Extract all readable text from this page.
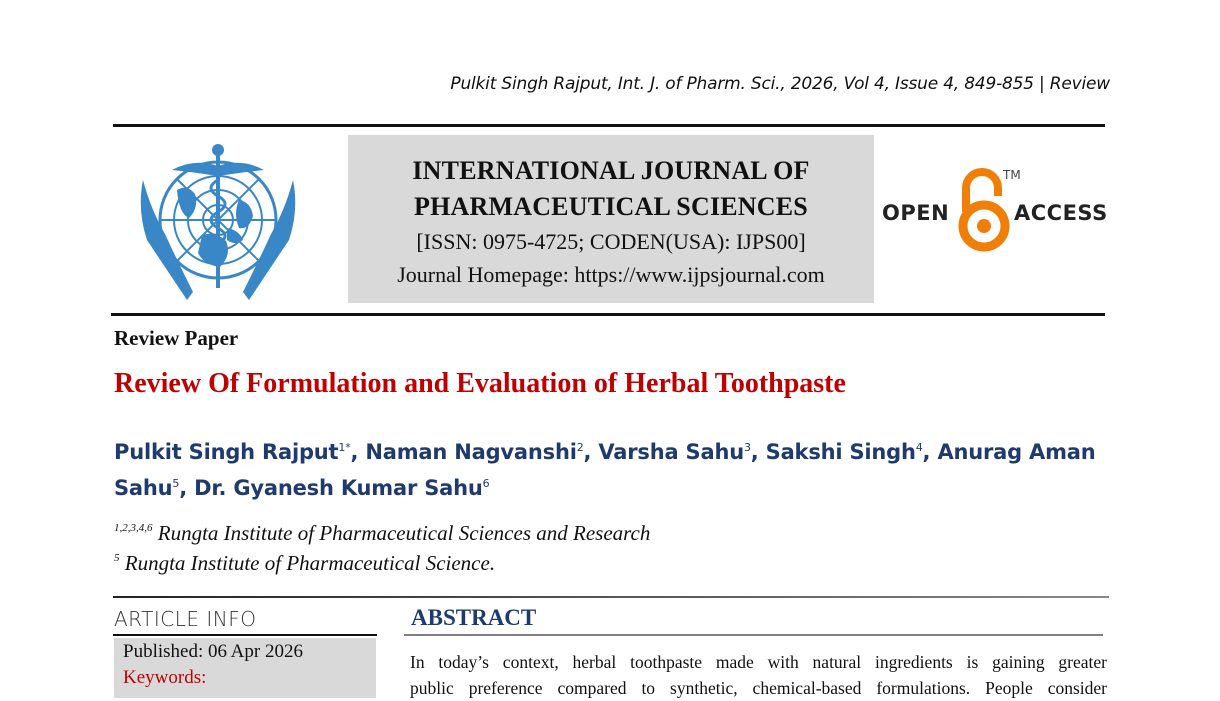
Pulkit Singh Rajput, Int. J. of Pharm. Sci., 2026, Vol 4, Issue 4, 849-855 | Review
INTERNATIONAL JOURNAL OF
PHARMACEUTICAL SCIENCES
[ISSN: 0975-4725; CODEN(USA): IJPS00]
Journal Homepage: https://www.ijpsjournal.com
OPEN
TM
ACCESS
Review Paper
Review Of Formulation and Evaluation of Herbal Toothpaste
Pulkit Singh Rajput$^{1*}$, Naman Nagvanshi$^2$, Varsha Sahu$^3$, Sakshi Singh$^4$, Anurag Aman Sahu$^5$, Dr. Gyanesh Kumar Sahu$^6$
$^{1,2,3,4,6}$ Rungta Institute of Pharmaceutical Sciences and Research
$^5$ Rungta Institute of Pharmaceutical Science.
ARTICLE INFO
Published: 06 Apr 2026
Keywords:
ABSTRACT
In today’s context, herbal toothpaste made with natural ingredients is gaining greater
public preference compared to synthetic, chemical-based formulations. People consider
